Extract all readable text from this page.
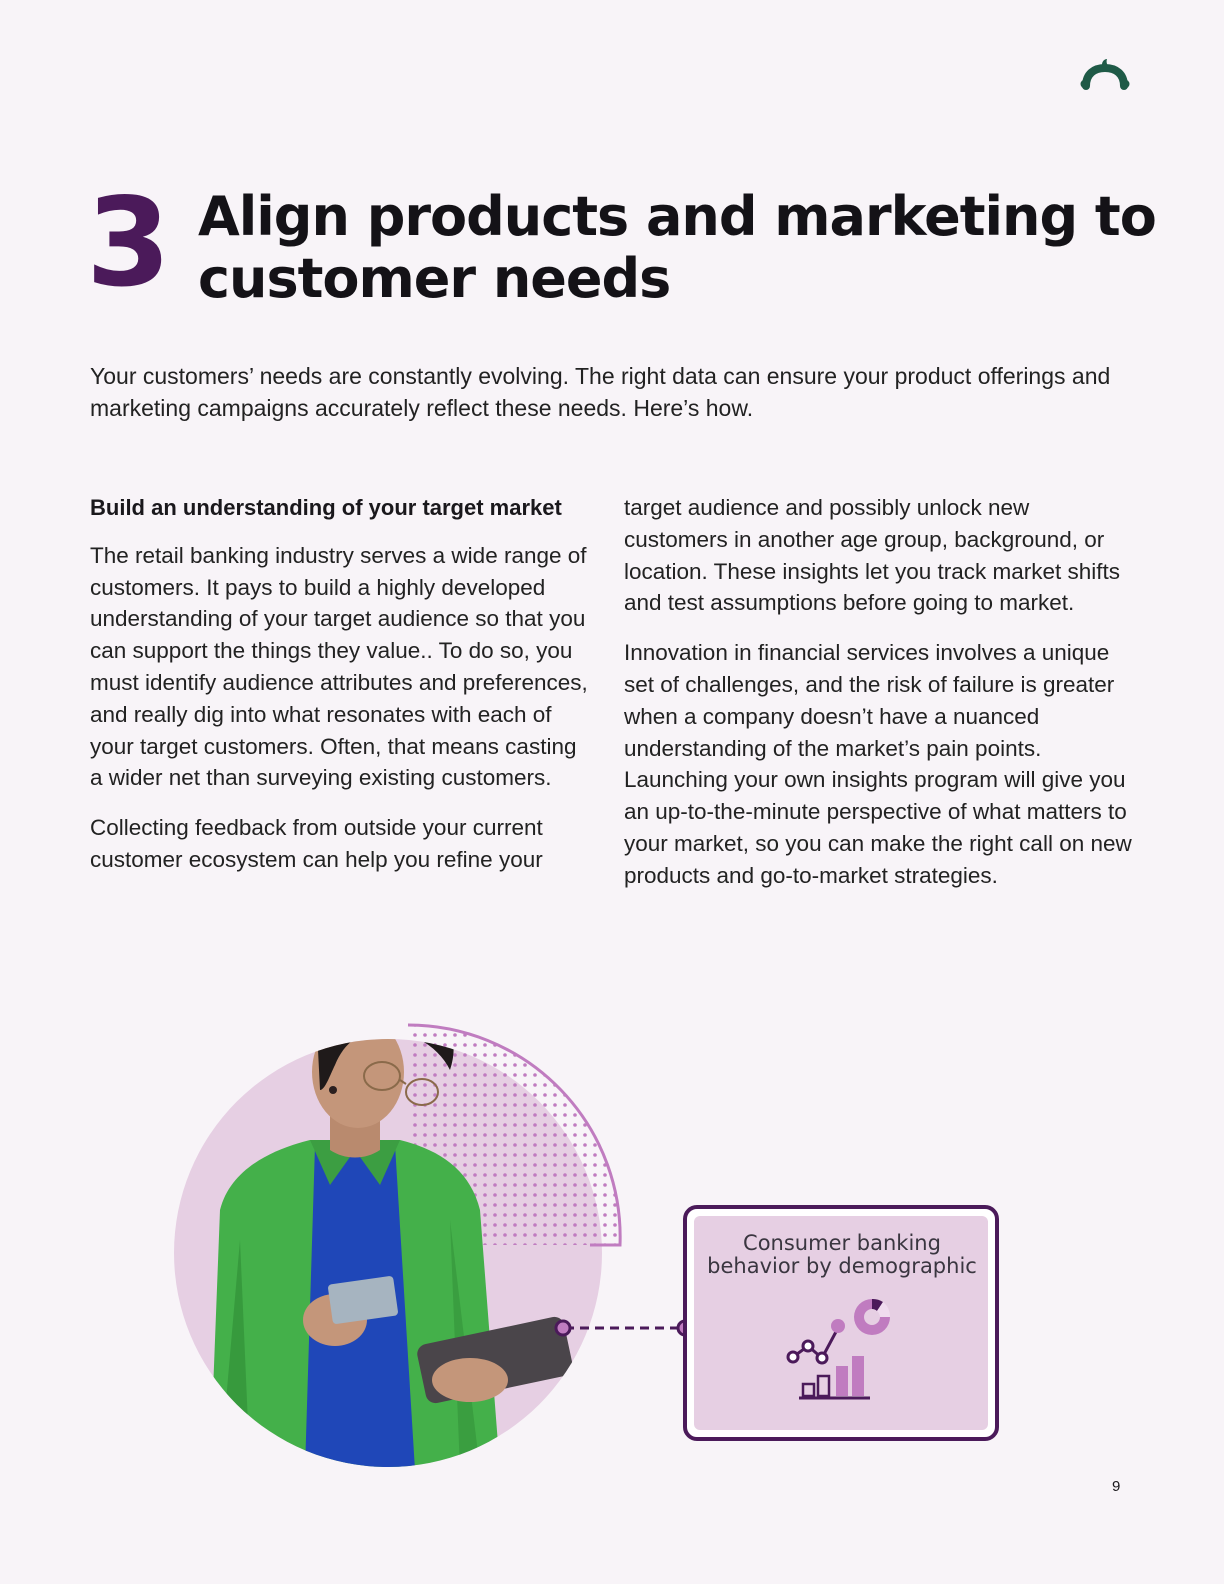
3 Align products and marketing to customer needs

Your customers’ needs are constantly evolving. The right data can ensure your product offerings and marketing campaigns accurately reflect these needs. Here’s how.

Build an understanding of your target market

The retail banking industry serves a wide range of customers. It pays to build a highly developed understanding of your target audience so that you can support the things they value.. To do so, you must identify audience attributes and preferences, and really dig into what resonates with each of your target customers. Often, that means casting a wider net than surveying existing customers.

Collecting feedback from outside your current customer ecosystem can help you refine your

target audience and possibly unlock new customers in another age group, background, or location. These insights let you track market shifts and test assumptions before going to market.

Innovation in financial services involves a unique set of challenges, and the risk of failure is greater when a company doesn’t have a nuanced understanding of the market’s pain points. Launching your own insights program will give you an up-to-the-minute perspective of what matters to your market, so you can make the right call on new products and go-to-market strategies.

Consumer banking behavior by demographic
9
